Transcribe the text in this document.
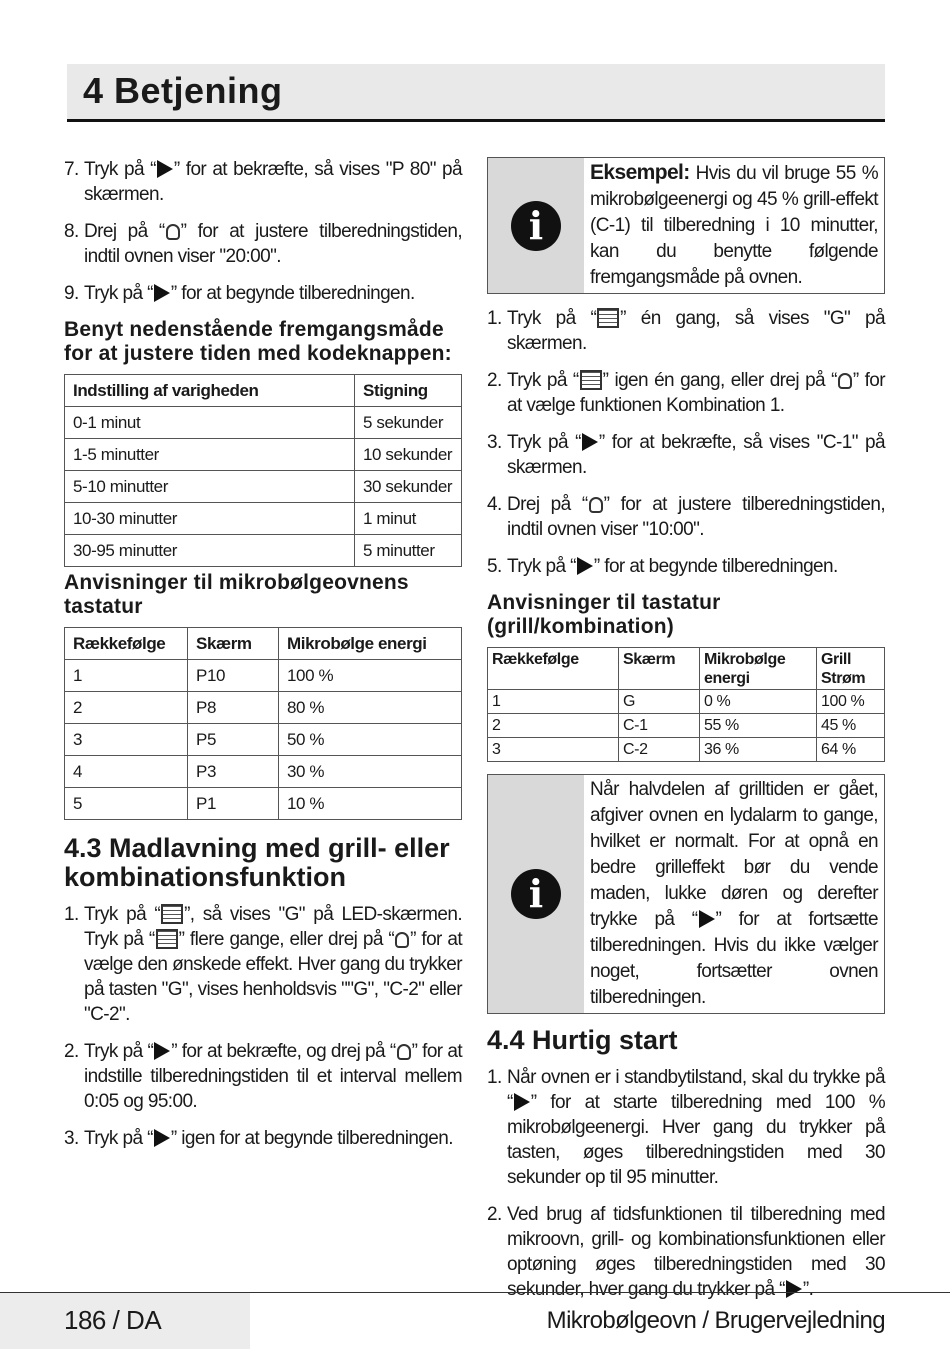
4 Betjening
7. Tryk på “ ” for at bekræfte, så vises "P 80" på skærmen.
8. Drej på “ ” for at justere tilberedningstiden, indtil ovnen viser "20:00".
9. Tryk på “ ” for at begynde tilberedningen.
Benyt nedenstående fremgangsmåde for at justere tiden med kodeknappen:
Indstilling af varigheden	Stigning
0-1 minut	5 sekunder
1-5 minutter	10 sekunder
5-10 minutter	30 sekunder
10-30 minutter	1 minut
30-95 minutter	5 minutter
Anvisninger til mikrobølgeovnens tastatur
Rækkefølge	Skærm	Mikrobølge energi
1	P10	100 %
2	P8	80 %
3	P5	50 %
4	P3	30 %
5	P1	10 %
4.3 Madlavning med grill- eller kombinationsfunktion
1. Tryk på “ ”, så vises "G" på LED-skærmen. Tryk på “ ” flere gange, eller drej på “ ” for at vælge den ønskede effekt. Hver gang du trykker på tasten "G", vises henholdsvis ""G", "C-2" eller "C-2".
2. Tryk på “ ” for at bekræfte, og drej på “ ” for at indstille tilberedningstiden til et interval mellem 0:05 og 95:00.
3. Tryk på “ ” igen for at begynde tilberedningen.
i
Eksempel: Hvis du vil bruge 55 % mikrobølgeenergi og 45 % grill-effekt (C-1) til tilberedning i 10 minutter, kan du benytte følgende fremgangsmåde på ovnen.
1. Tryk på “ ” én gang, så vises "G" på skærmen.
2. Tryk på “ ” igen én gang, eller drej på “ ” for at vælge funktionen Kombination 1.
3. Tryk på “ ” for at bekræfte, så vises "C-1" på skærmen.
4. Drej på “ ” for at justere tilberedningstiden, indtil ovnen viser "10:00".
5. Tryk på “ ” for at begynde tilberedningen.
Anvisninger til tastatur (grill/kombination)
Rækkefølge	Skærm	Mikrobølge energi	Grill Strøm
1	G	0 %	100 %
2	C-1	55 %	45 %
3	C-2	36 %	64 %
i
Når halvdelen af grilltiden er gået, afgiver ovnen en lydalarm to gange, hvilket er normalt. For at opnå en bedre grilleffekt bør du vende maden, lukke døren og derefter trykke på “ ” for at fortsætte tilberedningen. Hvis du ikke vælger noget, fortsætter ovnen tilberedningen.
4.4 Hurtig start
1. Når ovnen er i standbytilstand, skal du trykke på “ ” for at starte tilberedning med 100 % mikrobølgeenergi. Hver gang du trykker på tasten, øges tilberedningstiden med 30 sekunder op til 95 minutter.
2. Ved brug af tidsfunktionen til tilberedning med mikroovn, grill- og kombinationsfunktionen eller optøning øges tilberedningstiden med 30 sekunder, hver gang du trykker på “ ”.
186 / DA	Mikrobølgeovn / Brugervejledning
